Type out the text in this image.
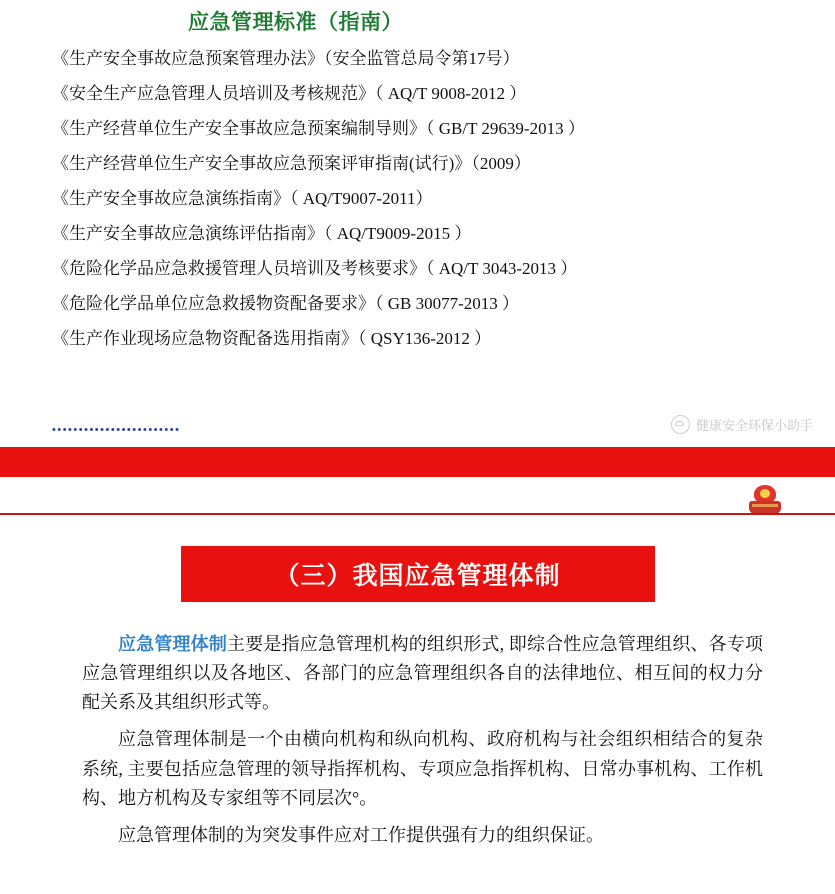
应急管理标准（指南）
《生产安全事故应急预案管理办法》（安全监管总局令第17号）
《安全生产应急管理人员培训及考核规范》（ AQ/T 9008-2012 ）
《生产经营单位生产安全事故应急预案编制导则》（ GB/T 29639-2013 ）
《生产经营单位生产安全事故应急预案评审指南(试行)》（2009）
《生产安全事故应急演练指南》（ AQ/T9007-2011）
《生产安全事故应急演练评估指南》（ AQ/T9009-2015 ）
《危险化学品应急救援管理人员培训及考核要求》（ AQ/T 3043-2013 ）
《危险化学品单位应急救援物资配备要求》（ GB 30077-2013 ）
《生产作业现场应急物资配备选用指南》（ QSY136-2012 ）
••••••••••••••••••••••••	健康安全环保小助手
（三）我国应急管理体制

应急管理体制主要是指应急管理机构的组织形式, 即综合性应急管理组织、各专项应急管理组织以及各地区、各部门的应急管理组织各自的法律地位、相互间的权力分配关系及其组织形式等。

应急管理体制是一个由横向机构和纵向机构、政府机构与社会组织相结合的复杂系统, 主要包括应急管理的领导指挥机构、专项应急指挥机构、日常办事机构、工作机构、地方机构及专家组等不同层次°。

应急管理体制的为突发事件应对工作提供强有力的组织保证。
